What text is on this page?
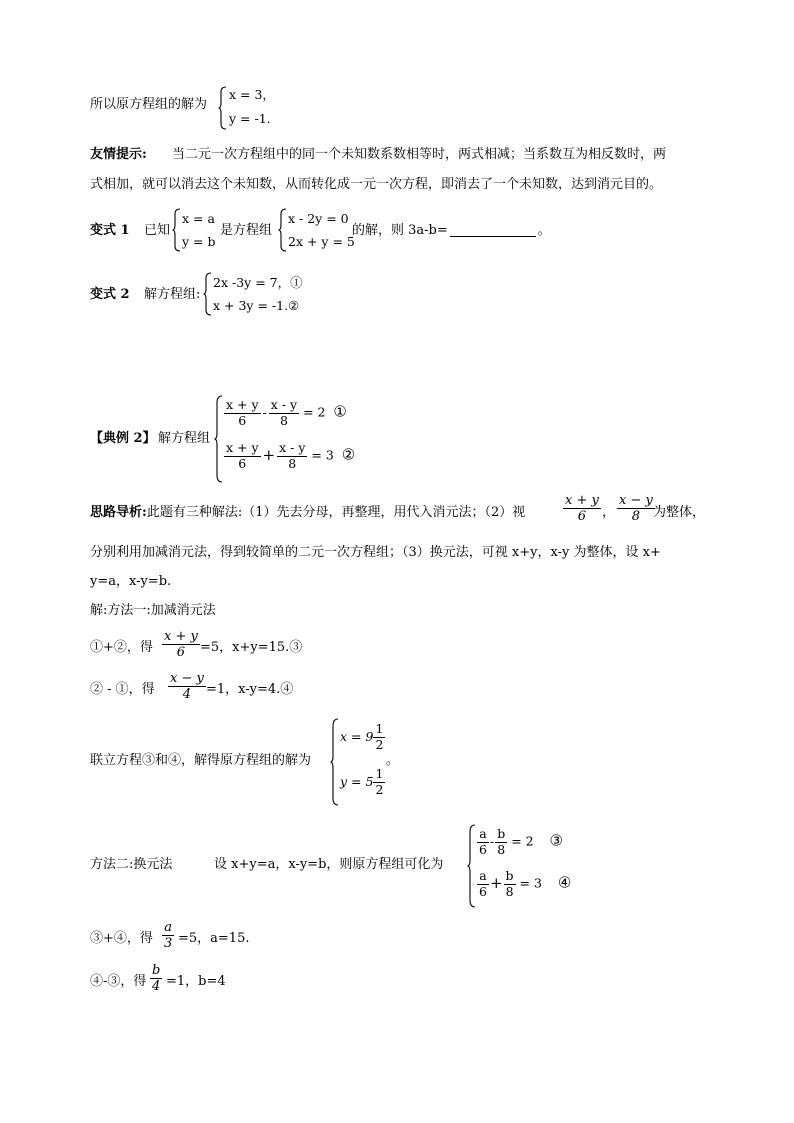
所以原方程组的解为
x = 3，
y = -1.
友情提示: 当二元一次方程组中的同一个未知数系数相等时，两式相减；当系数互为相反数时，两
式相加，就可以消去这个未知数，从而转化成一元一次方程，即消去了一个未知数，达到消元目的。
变式 1 已知
x = a
y = b
是方程组
x - 2y = 0
2x + y = 5
的解，则 3a-b=	。
变式 2 解方程组:
2x -3y = 7，①
x + 3y = -1.②
【典例 2】 解方程组
$\frac{x + y}{6} - \frac{x - y}{8} = 2$ ①
$\frac{x + y}{6} + \frac{x - y}{8} = 3$ ②
思路导析:此题有三种解法:（1）先去分母，再整理，用代入消元法；（2）视	$\frac{x + y}{6}$ ， $\frac{x - y}{8}$
为整体，
分别利用加减消元法，得到较简单的二元一次方程组；（3）换元法，可视 x+y，x-y 为整体，设 x+
y=a，x-y=b.
解:方法一:加减消元法
①+②，得 $\frac{x + y}{6} =5$，x+y=15.③
② - ①，得 $\frac{x - y}{4} =1$，x-y=4.④
联立方程③和④，解得原方程组的解为
$x = 9 \frac{1}{2}$
$y = 5 \frac{1}{2}$
。
方法二:换元法	设 x+y=a，x-y=b，则原方程组可化为
$\frac{a}{6} - \frac{b}{8} = 2$ ③
$\frac{a}{6} + \frac{b}{8} = 3$ ④
③+④，得 $\frac{a}{3} =5$，a=15.
④-③，得 $\frac{b}{4} =1$，b=4
